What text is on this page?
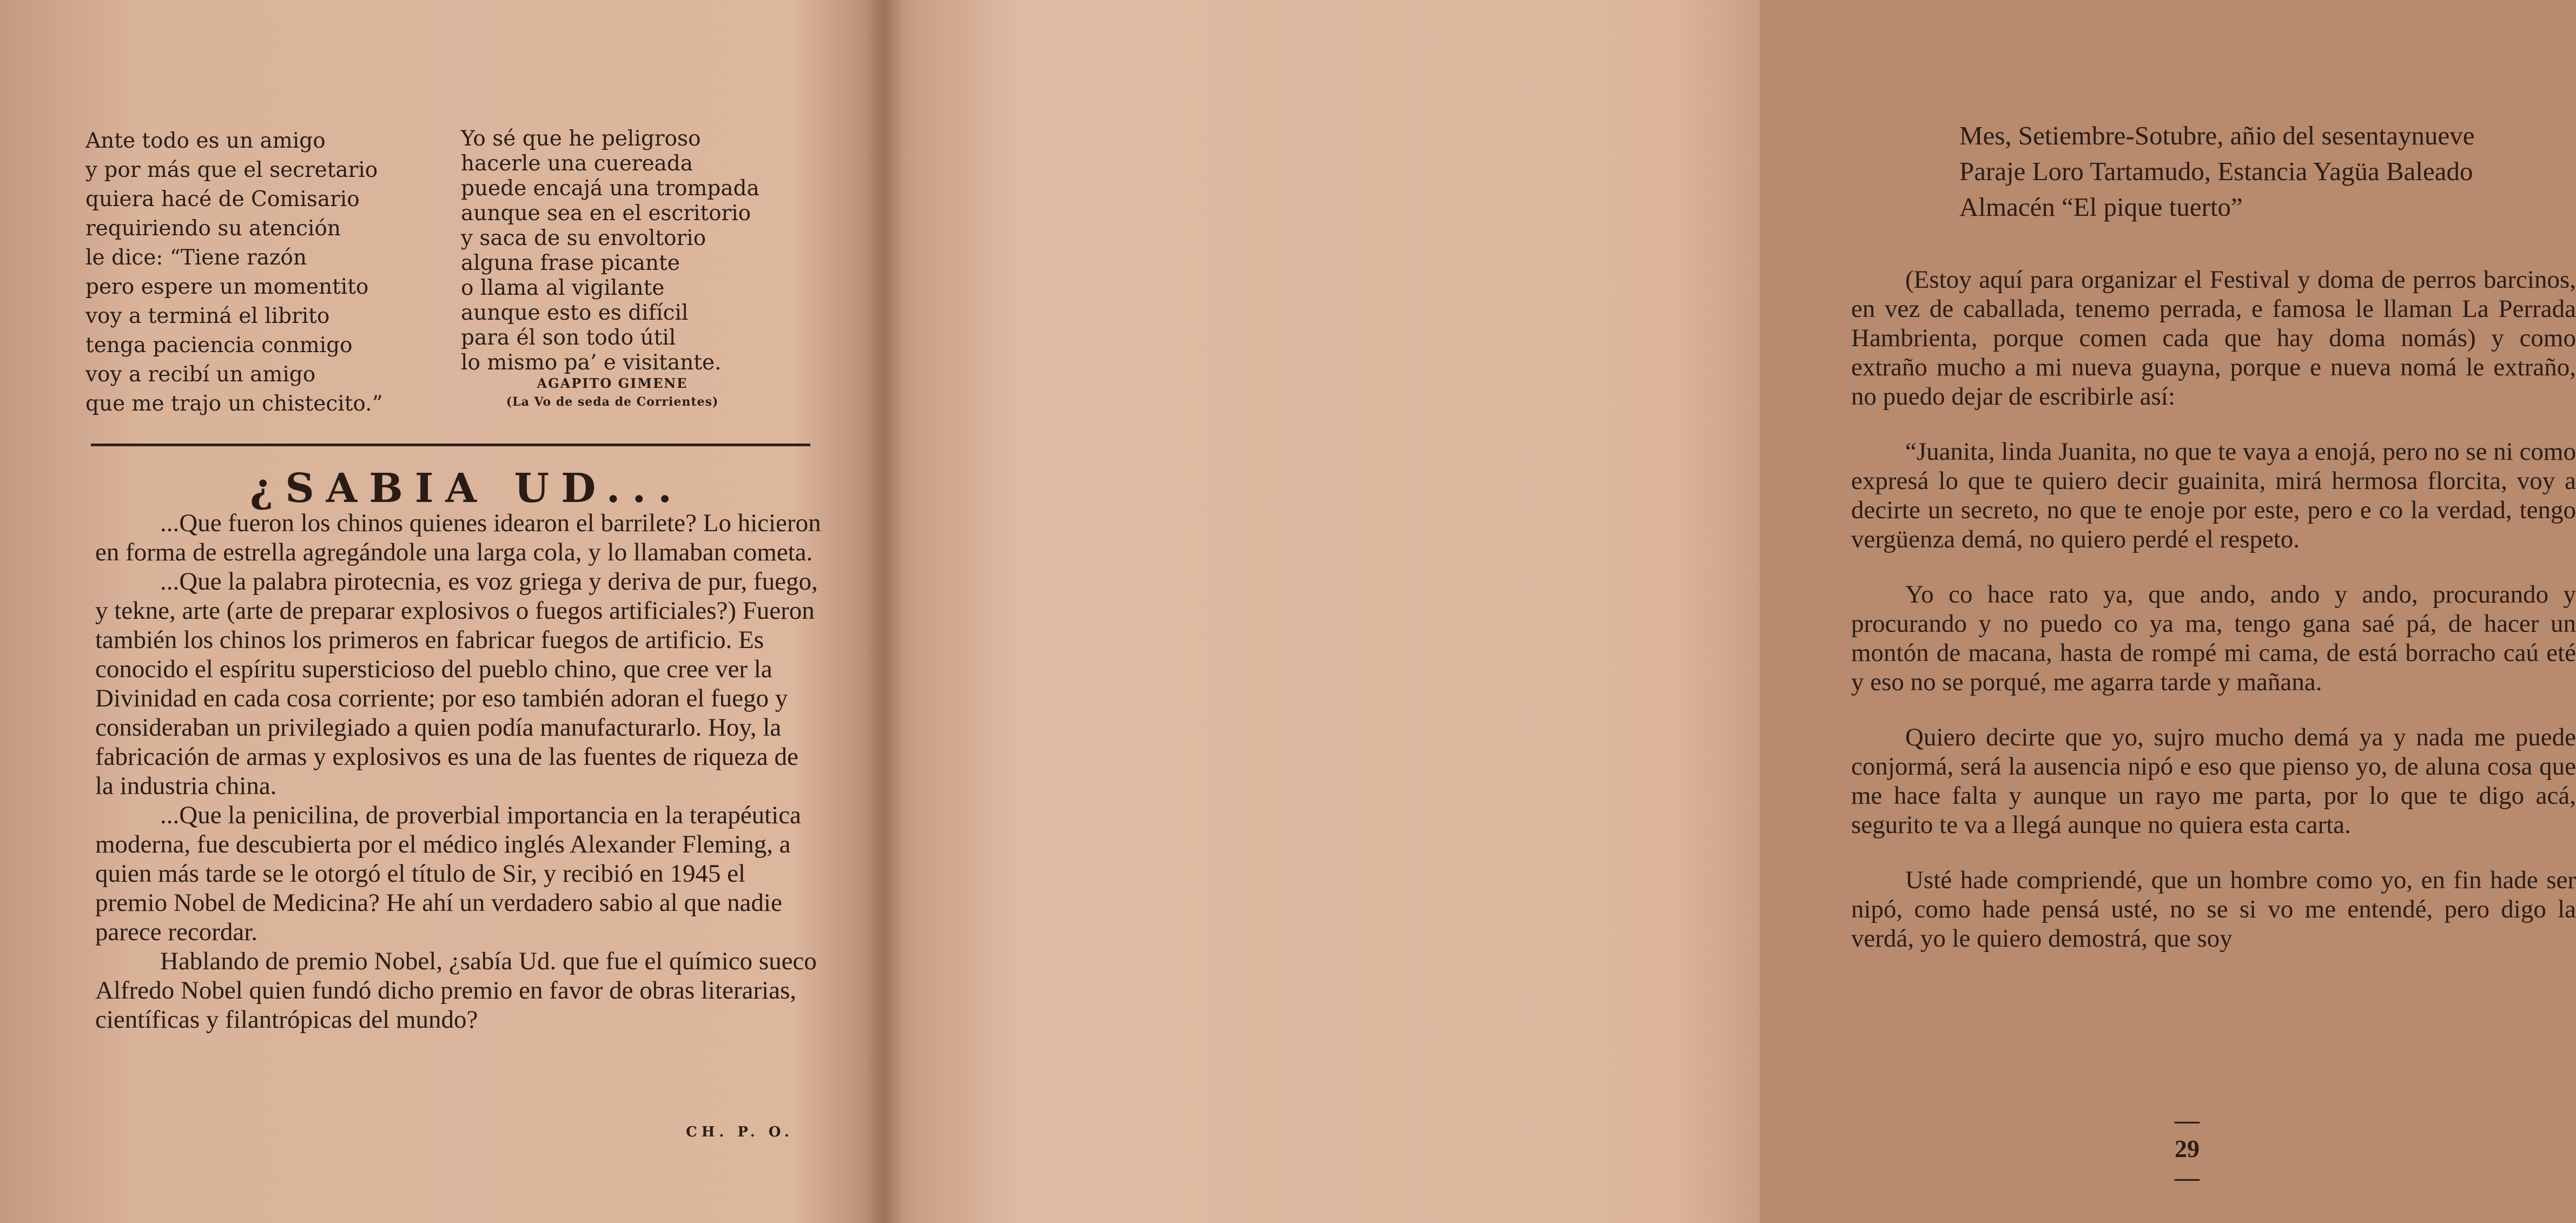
Ante todo es un amigo
y por más que el secretario
quiera hacé de Comisario
requiriendo su atención
le dice: “Tiene razón
pero espere un momentito
voy a terminá el librito
tenga paciencia conmigo
voy a recibí un amigo
que me trajo un chistecito.”
Yo sé que he peligroso
hacerle una cuereada
puede encajá una trompada
aunque sea en el escritorio
y saca de su envoltorio
alguna frase picante
o llama al vigilante
aunque esto es difícil
para él son todo útil
lo mismo pa’ e visitante.
AGAPITO GIMENE
(La Vo de seda de Corrientes)
¿SABIA UD...

...Que fueron los chinos quienes idearon el barrilete? Lo hicieron en forma de estrella agregándole una larga cola, y lo llamaban cometa.

...Que la palabra pirotecnia, es voz griega y deriva de pur, fuego, y tekne, arte (arte de preparar explosivos o fuegos artificiales?) Fueron también los chinos los primeros en fabricar fuegos de artificio. Es conocido el espíritu supersticioso del pueblo chino, que cree ver la Divinidad en cada cosa corriente; por eso también adoran el fuego y consideraban un privilegiado a quien podía manufacturarlo. Hoy, la fabricación de armas y explosivos es una de las fuentes de riqueza de la industria china.

...Que la penicilina, de proverbial importancia en la terapéutica moderna, fue descubierta por el médico inglés Alexander Fleming, a quien más tarde se le otorgó el título de Sir, y recibió en 1945 el premio Nobel de Medicina? He ahí un verdadero sabio al que nadie parece recordar.

Hablando de premio Nobel, ¿sabía Ud. que fue el químico sueco Alfredo Nobel quien fundó dicho premio en favor de obras literarias, científicas y filantrópicas del mundo?

CH. P. O.
Mes, Setiembre-Sotubre, añio del sesentaynueve
Paraje Loro Tartamudo, Estancia Yagüa Baleado
Almacén “El pique tuerto”

(Estoy aquí para organizar el Festival y doma de perros barcinos, en vez de caballada, tenemo perrada, e famosa le llaman La Perrada Hambrienta, porque comen cada que hay doma nomás) y como extraño mucho a mi nueva guayna, porque e nueva nomá le extraño, no puedo dejar de escribirle así:

“Juanita, linda Juanita, no que te vaya a enojá, pero no se ni como expresá lo que te quiero decir guainita, mirá hermosa florcita, voy a decirte un secreto, no que te enoje por este, pero e co la verdad, tengo vergüenza demá, no quiero perdé el respeto.

Yo co hace rato ya, que ando, ando y ando, procurando y procurando y no puedo co ya ma, tengo gana saé pá, de hacer un montón de macana, hasta de rompé mi cama, de está borracho caú eté y eso no se porqué, me agarra tarde y mañana.

Quiero decirte que yo, sujro mucho demá ya y nada me puede conjormá, será la ausencia nipó e eso que pienso yo, de aluna cosa que me hace falta y aunque un rayo me parta, por lo que te digo acá, segurito te va a llegá aunque no quiera esta carta.

Usté hade compriendé, que un hombre como yo, en fin hade ser nipó, como hade pensá usté, no se si vo me entendé, pero digo la verdá, yo le quiero demostrá, que soy

—29—
